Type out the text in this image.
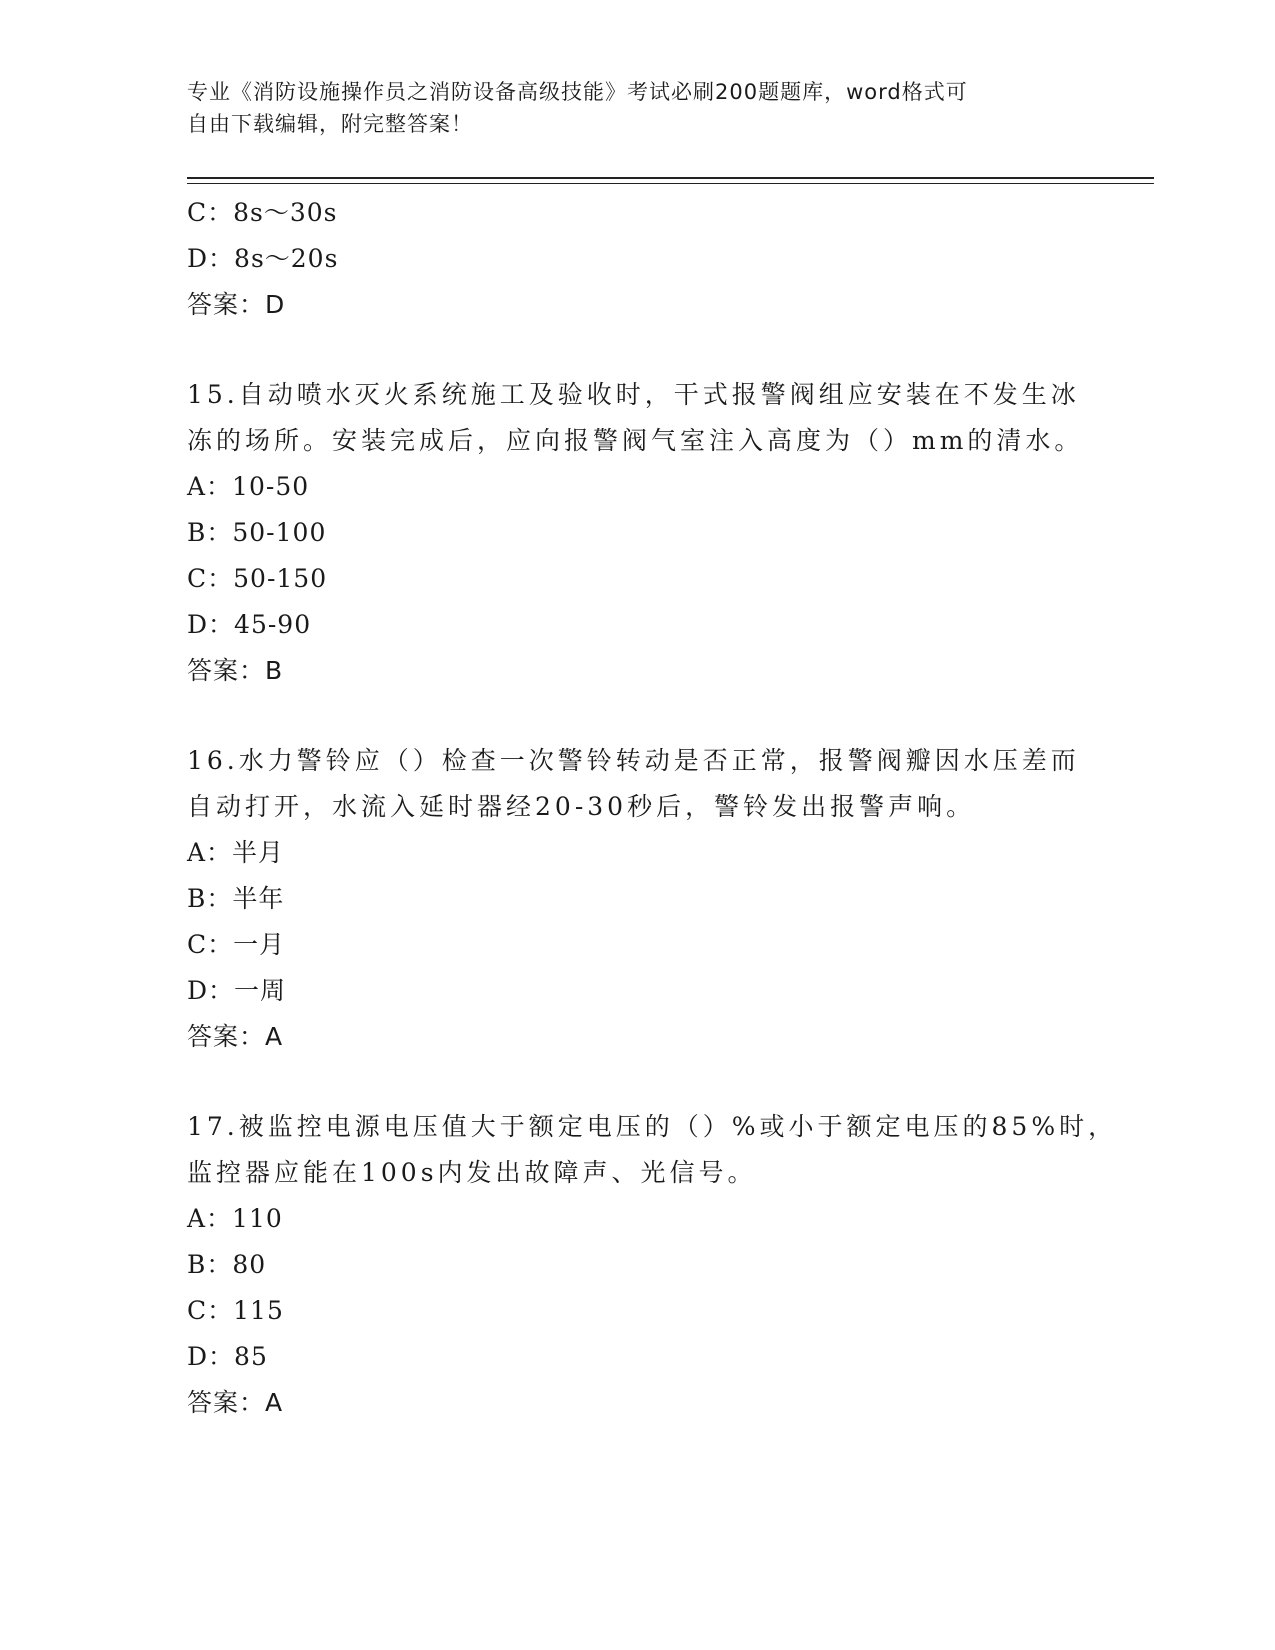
专业《消防设施操作员之消防设备高级技能》考试必刷200题题库，word格式可
自由下载编辑，附完整答案！
C：8s～30s
D：8s～20s
答案：D
15.自动喷水灭火系统施工及验收时，干式报警阀组应安装在不发生冰
冻的场所。安装完成后，应向报警阀气室注入高度为（）mm的清水。
A：10-50
B：50-100
C：50-150
D：45-90
答案：B
16.水力警铃应（）检查一次警铃转动是否正常，报警阀瓣因水压差而
自动打开，水流入延时器经20-30秒后，警铃发出报警声响。
A：半月
B：半年
C：一月
D：一周
答案：A
17.被监控电源电压值大于额定电压的（）%或小于额定电压的85%时，
监控器应能在100s内发出故障声、光信号。
A：110
B：80
C：115
D：85
答案：A
